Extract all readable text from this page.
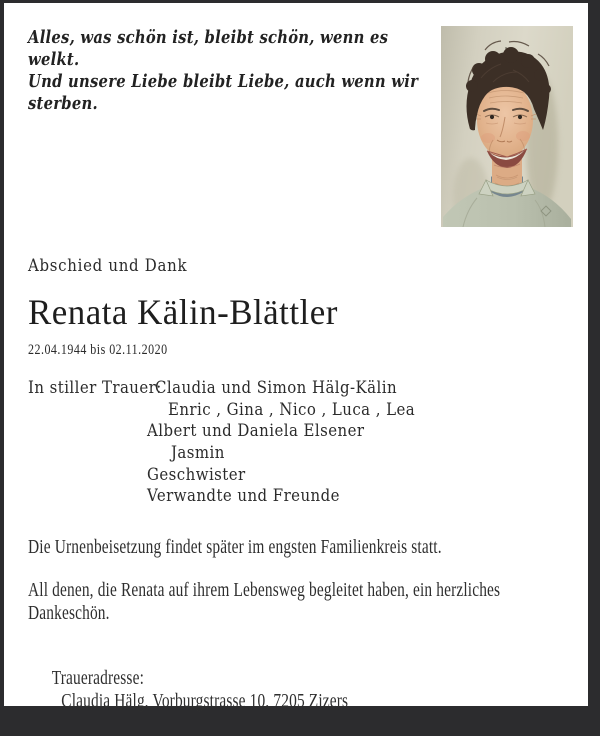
Alles, was schön ist, bleibt schön, wenn es
welkt.
Und unsere Liebe bleibt Liebe, auch wenn wir
sterben.
Abschied und Dank
Renata Kälin-Blättler
22.04.1944 bis 02.11.2020
In stiller Trauer:
Claudia und Simon Hälg-Kälin
Enric , Gina , Nico , Luca , Lea
Albert und Daniela Elsener
Jasmin
Geschwister
Verwandte und Freunde
Die Urnenbeisetzung findet später im engsten Familienkreis statt.
All denen, die Renata auf ihrem Lebensweg begleitet haben, ein herzliches
Dankeschön.

Traueradresse:
Claudia Hälg, Vorburgstrasse 10, 7205 Zizers
